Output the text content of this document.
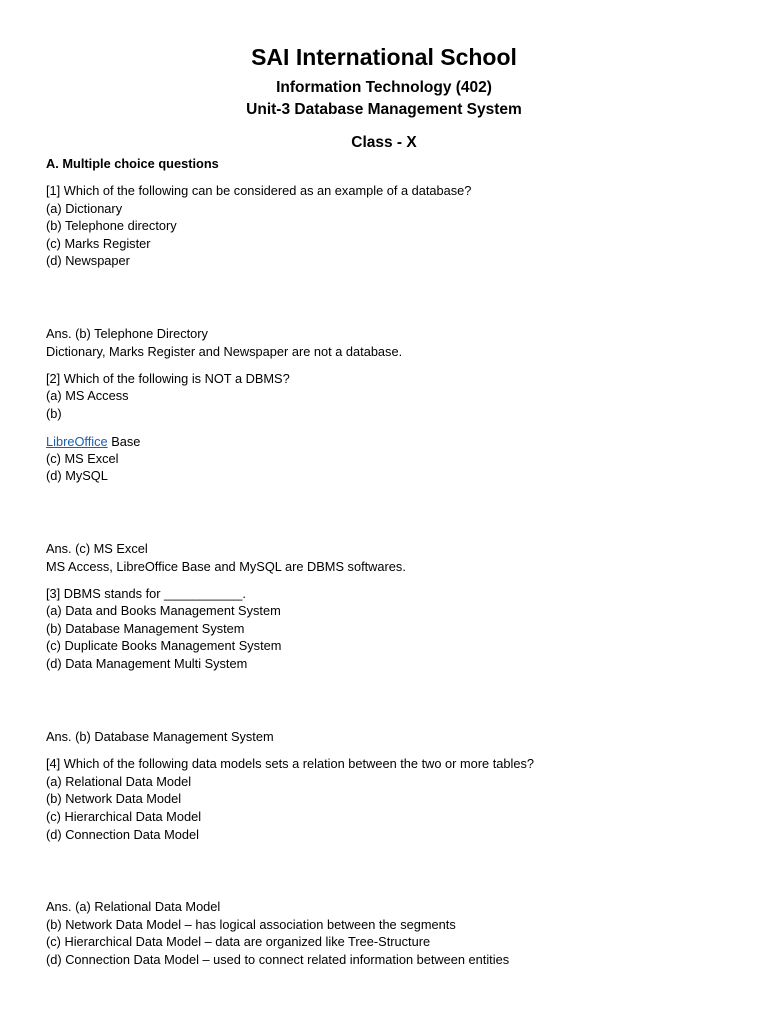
SAI International School
Information Technology (402)
Unit-3 Database Management System
Class - X
A. Multiple choice questions
[1] Which of the following can be considered as an example of a database?
(a) Dictionary
(b) Telephone directory
(c) Marks Register
(d) Newspaper
Ans. (b) Telephone Directory
Dictionary, Marks Register and Newspaper are not a database.
[2] Which of the following is NOT a DBMS?
(a) MS Access
(b)
LibreOffice Base
(c) MS Excel
(d) MySQL
Ans. (c) MS Excel
MS Access, LibreOffice Base and MySQL are DBMS softwares.
[3] DBMS stands for ___________.
(a) Data and Books Management System
(b) Database Management System
(c) Duplicate Books Management System
(d) Data Management Multi System
Ans. (b) Database Management System
[4] Which of the following data models sets a relation between the two or more tables?
(a) Relational Data Model
(b) Network Data Model
(c) Hierarchical Data Model
(d) Connection Data Model
Ans. (a) Relational Data Model
(b) Network Data Model – has logical association between the segments
(c) Hierarchical Data Model – data are organized like Tree-Structure
(d) Connection Data Model – used to connect related information between entities
